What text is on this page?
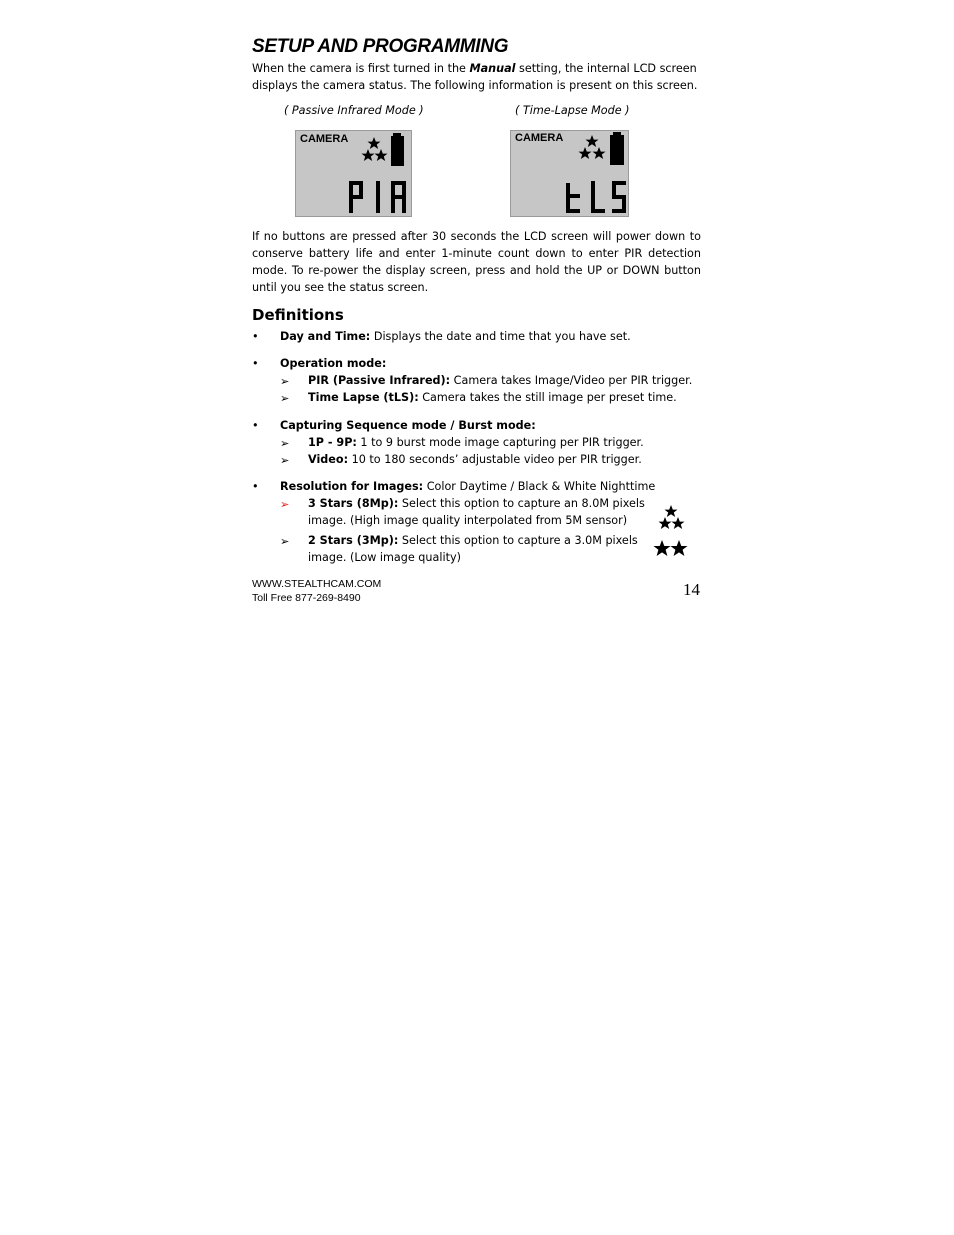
SETUP AND PROGRAMMING

When the camera is first turned in the Manual setting, the internal LCD screen displays the camera status. The following information is present on this screen.

( Passive Infrared Mode )	( Time-Lapse Mode )
CAMERA	CAMERA

If no buttons are pressed after 30 seconds the LCD screen will power down to conserve battery life and enter 1-minute count down to enter PIR detection mode. To re-power the display screen, press and hold the UP or DOWN button until you see the status screen.

Definitions
•	Day and Time: Displays the date and time that you have set.
•	Operation mode:
➢ PIR (Passive Infrared): Camera takes Image/Video per PIR trigger.
➢ Time Lapse (tLS): Camera takes the still image per preset time.
•	Capturing Sequence mode / Burst mode:
➢ 1P - 9P: 1 to 9 burst mode image capturing per PIR trigger.
➢ Video: 10 to 180 seconds’ adjustable video per PIR trigger.
•	Resolution for Images: Color Daytime / Black & White Nighttime
➢ 3 Stars (8Mp): Select this option to capture an 8.0M pixels image. (High image quality interpolated from 5M sensor)
➢ 2 Stars (3Mp): Select this option to capture a 3.0M pixels image. (Low image quality)
WWW.STEALTHCAM.COM
Toll Free 877-269-8490	14
